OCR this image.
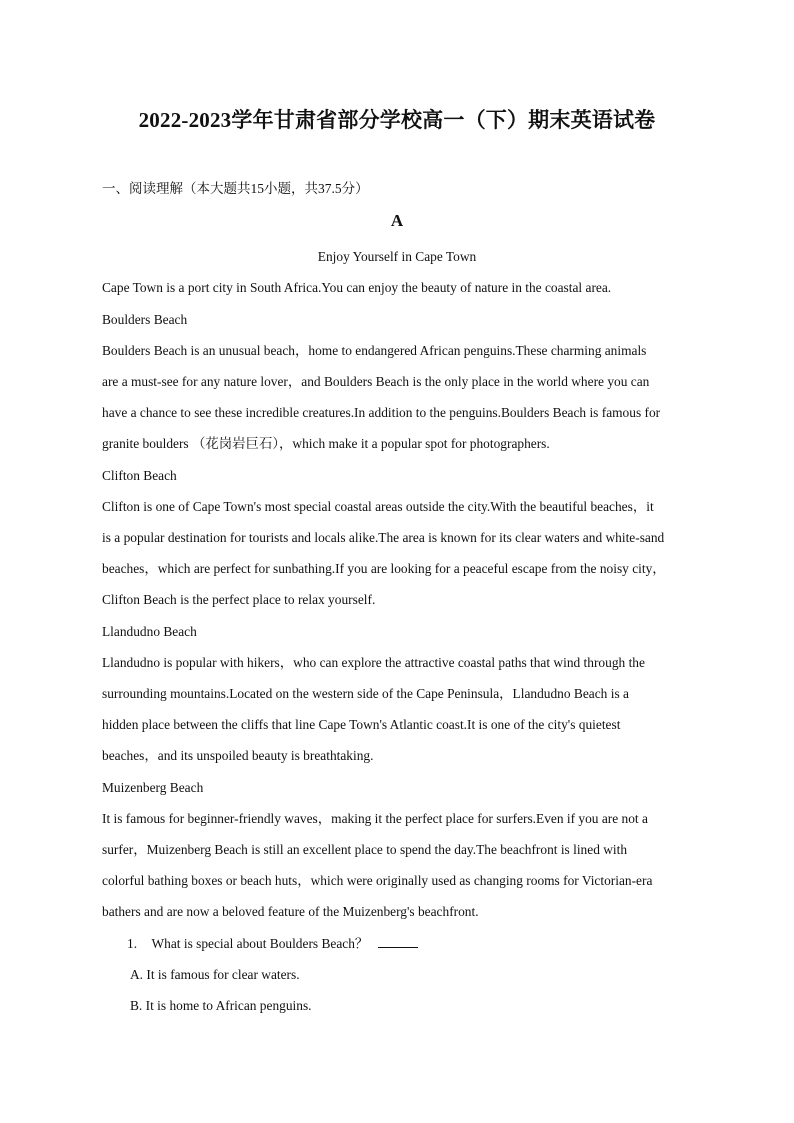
2022-2023学年甘肃省部分学校高一（下）期末英语试卷
一、阅读理解（本大题共15小题，共37.5分）
A
Enjoy Yourself in Cape Town
Cape Town is a port city in South Africa.You can enjoy the beauty of nature in the coastal area.
Boulders Beach
Boulders Beach is an unusual beach，home to endangered African penguins.These charming animals
are a must-see for any nature lover，and Boulders Beach is the only place in the world where you can
have a chance to see these incredible creatures.In addition to the penguins.Boulders Beach is famous for
granite boulders （花岗岩巨石），which make it a popular spot for photographers.
Clifton Beach
Clifton is one of Cape Town's most special coastal areas outside the city.With the beautiful beaches，it
is a popular destination for tourists and locals alike.The area is known for its clear waters and white-sand
beaches，which are perfect for sunbathing.If you are looking for a peaceful escape from the noisy city，
Clifton Beach is the perfect place to relax yourself.
Llandudno Beach
Llandudno is popular with hikers，who can explore the attractive coastal paths that wind through the
surrounding mountains.Located on the western side of the Cape Peninsula，Llandudno Beach is a
hidden place between the cliffs that line Cape Town's Atlantic coast.It is one of the city's quietest
beaches，and its unspoiled beauty is breathtaking.
Muizenberg Beach
It is famous for beginner-friendly waves，making it the perfect place for surfers.Even if you are not a
surfer，Muizenberg Beach is still an excellent place to spend the day.The beachfront is lined with
colorful bathing boxes or beach huts，which were originally used as changing rooms for Victorian-era
bathers and are now a beloved feature of the Muizenberg's beachfront.
1. What is special about Boulders Beach？
A. It is famous for clear waters.
B. It is home to African penguins.
